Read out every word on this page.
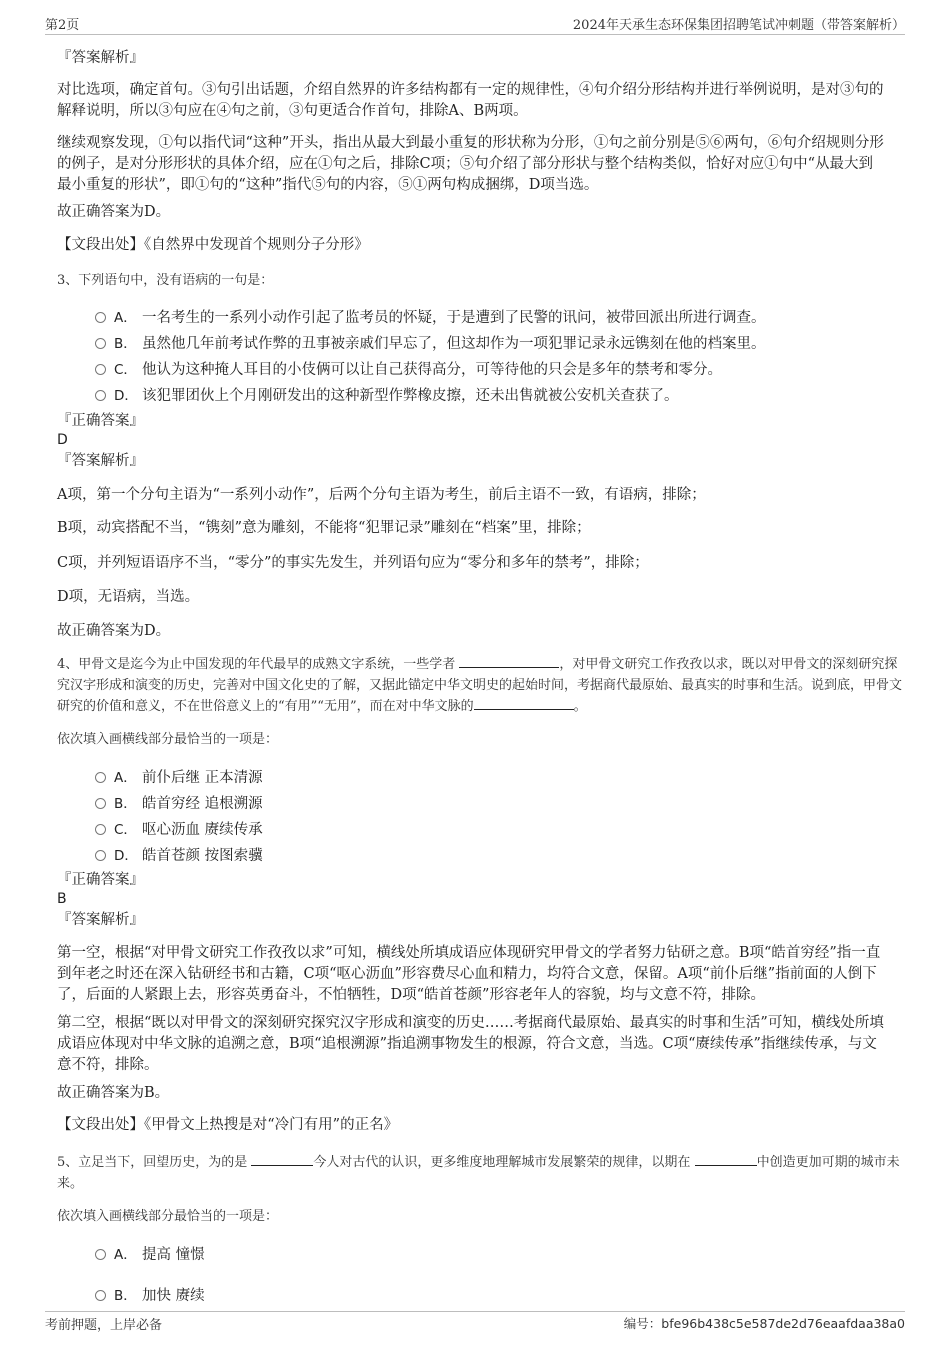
第2页	2024年天承生态环保集团招聘笔试冲刺题（带答案解析）
『答案解析』
对比选项，确定首句。③句引出话题，介绍自然界的许多结构都有一定的规律性，④句介绍分形结构并进行举例说明，是对③句的解释说明，所以③句应在④句之前，③句更适合作首句，排除A、B两项。
继续观察发现，①句以指代词“这种”开头，指出从最大到最小重复的形状称为分形，①句之前分别是⑤⑥两句，⑥句介绍规则分形的例子，是对分形形状的具体介绍，应在①句之后，排除C项；⑤句介绍了部分形状与整个结构类似，恰好对应①句中“从最大到最小重复的形状”，即①句的“这种”指代⑤句的内容，⑤①两句构成捆绑，D项当选。
故正确答案为D。
【文段出处】《自然界中发现首个规则分子分形》
3、下列语句中，没有语病的一句是：
A． 一名考生的一系列小动作引起了监考员的怀疑，于是遭到了民警的讯问，被带回派出所进行调查。
B． 虽然他几年前考试作弊的丑事被亲戚们早忘了，但这却作为一项犯罪记录永远镌刻在他的档案里。
C． 他认为这种掩人耳目的小伎俩可以让自己获得高分，可等待他的只会是多年的禁考和零分。
D． 该犯罪团伙上个月刚研发出的这种新型作弊橡皮擦，还未出售就被公安机关查获了。
『正确答案』
D
『答案解析』
A项，第一个分句主语为“一系列小动作”，后两个分句主语为考生，前后主语不一致，有语病，排除；
B项，动宾搭配不当，“镌刻”意为雕刻，不能将“犯罪记录”雕刻在“档案”里，排除；
C项，并列短语语序不当，“零分”的事实先发生，并列语句应为“零分和多年的禁考”，排除；
D项，无语病，当选。
故正确答案为D。
4、甲骨文是迄今为止中国发现的年代最早的成熟文字系统，一些学者	，对甲骨文研究工作孜孜以求，既以对甲骨文的深刻研究探究汉字形成和演变的历史，完善对中国文化史的了解，又据此锚定中华文明史的起始时间，考据商代最原始、最真实的时事和生活。说到底，甲骨文研究的价值和意义，不在世俗意义上的“有用”“无用”，而在对中华文脉的	。
依次填入画横线部分最恰当的一项是：
A． 前仆后继 正本清源
B． 皓首穷经 追根溯源
C． 呕心沥血 赓续传承
D． 皓首苍颜 按图索骥
『正确答案』
B
『答案解析』
第一空，根据“对甲骨文研究工作孜孜以求”可知，横线处所填成语应体现研究甲骨文的学者努力钻研之意。B项“皓首穷经”指一直到年老之时还在深入钻研经书和古籍，C项“呕心沥血”形容费尽心血和精力，均符合文意，保留。A项“前仆后继”指前面的人倒下了，后面的人紧跟上去，形容英勇奋斗，不怕牺牲，D项“皓首苍颜”形容老年人的容貌，均与文意不符，排除。
第二空，根据“既以对甲骨文的深刻研究探究汉字形成和演变的历史……考据商代最原始、最真实的时事和生活”可知，横线处所填成语应体现对中华文脉的追溯之意，B项“追根溯源”指追溯事物发生的根源，符合文意，当选。C项“赓续传承”指继续传承，与文意不符，排除。
故正确答案为B。
【文段出处】《甲骨文上热搜是对“冷门有用”的正名》
5、立足当下，回望历史，为的是	今人对古代的认识，更多维度地理解城市发展繁荣的规律，以期在	中创造更加可期的城市未来。
依次填入画横线部分最恰当的一项是：
A． 提高 憧憬
B． 加快 赓续
考前押题，上岸必备	编号：bfe96b438c5e587de2d76eaafdaa38a0
